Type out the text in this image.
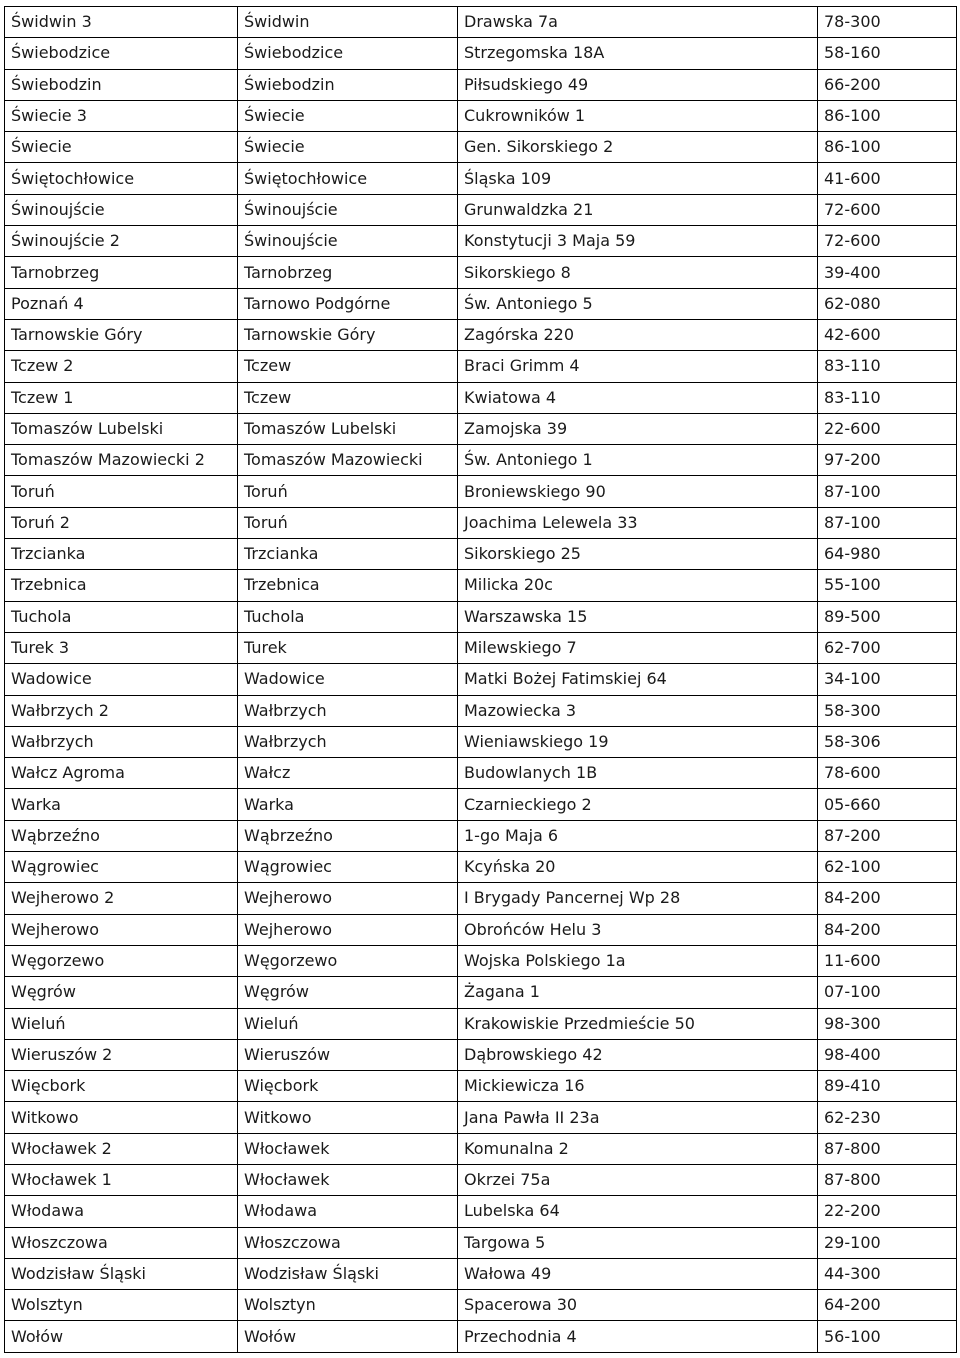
Świdwin 3	Świdwin	Drawska 7a	78-300
Świebodzice	Świebodzice	Strzegomska 18A	58-160
Świebodzin	Świebodzin	Piłsudskiego 49	66-200
Świecie 3	Świecie	Cukrowników 1	86-100
Świecie	Świecie	Gen. Sikorskiego 2	86-100
Świętochłowice	Świętochłowice	Śląska 109	41-600
Świnoujście	Świnoujście	Grunwaldzka 21	72-600
Świnoujście 2	Świnoujście	Konstytucji 3 Maja 59	72-600
Tarnobrzeg	Tarnobrzeg	Sikorskiego 8	39-400
Poznań 4	Tarnowo Podgórne	Św. Antoniego 5	62-080
Tarnowskie Góry	Tarnowskie Góry	Zagórska 220	42-600
Tczew 2	Tczew	Braci Grimm 4	83-110
Tczew 1	Tczew	Kwiatowa 4	83-110
Tomaszów Lubelski	Tomaszów Lubelski	Zamojska 39	22-600
Tomaszów Mazowiecki 2	Tomaszów Mazowiecki	Św. Antoniego 1	97-200
Toruń	Toruń	Broniewskiego 90	87-100
Toruń 2	Toruń	Joachima Lelewela 33	87-100
Trzcianka	Trzcianka	Sikorskiego 25	64-980
Trzebnica	Trzebnica	Milicka 20c	55-100
Tuchola	Tuchola	Warszawska 15	89-500
Turek 3	Turek	Milewskiego 7	62-700
Wadowice	Wadowice	Matki Bożej Fatimskiej 64	34-100
Wałbrzych 2	Wałbrzych	Mazowiecka 3	58-300
Wałbrzych	Wałbrzych	Wieniawskiego 19	58-306
Wałcz Agroma	Wałcz	Budowlanych 1B	78-600
Warka	Warka	Czarnieckiego 2	05-660
Wąbrzeźno	Wąbrzeźno	1-go Maja 6	87-200
Wągrowiec	Wągrowiec	Kcyńska 20	62-100
Wejherowo 2	Wejherowo	I Brygady Pancernej Wp 28	84-200
Wejherowo	Wejherowo	Obrońców Helu 3	84-200
Węgorzewo	Węgorzewo	Wojska Polskiego 1a	11-600
Węgrów	Węgrów	Żagana 1	07-100
Wieluń	Wieluń	Krakowiskie Przedmieście 50	98-300
Wieruszów 2	Wieruszów	Dąbrowskiego 42	98-400
Więcbork	Więcbork	Mickiewicza 16	89-410
Witkowo	Witkowo	Jana Pawła II 23a	62-230
Włocławek 2	Włocławek	Komunalna 2	87-800
Włocławek 1	Włocławek	Okrzei 75a	87-800
Włodawa	Włodawa	Lubelska 64	22-200
Włoszczowa	Włoszczowa	Targowa 5	29-100
Wodzisław Śląski	Wodzisław Śląski	Wałowa 49	44-300
Wolsztyn	Wolsztyn	Spacerowa 30	64-200
Wołów	Wołów	Przechodnia 4	56-100
